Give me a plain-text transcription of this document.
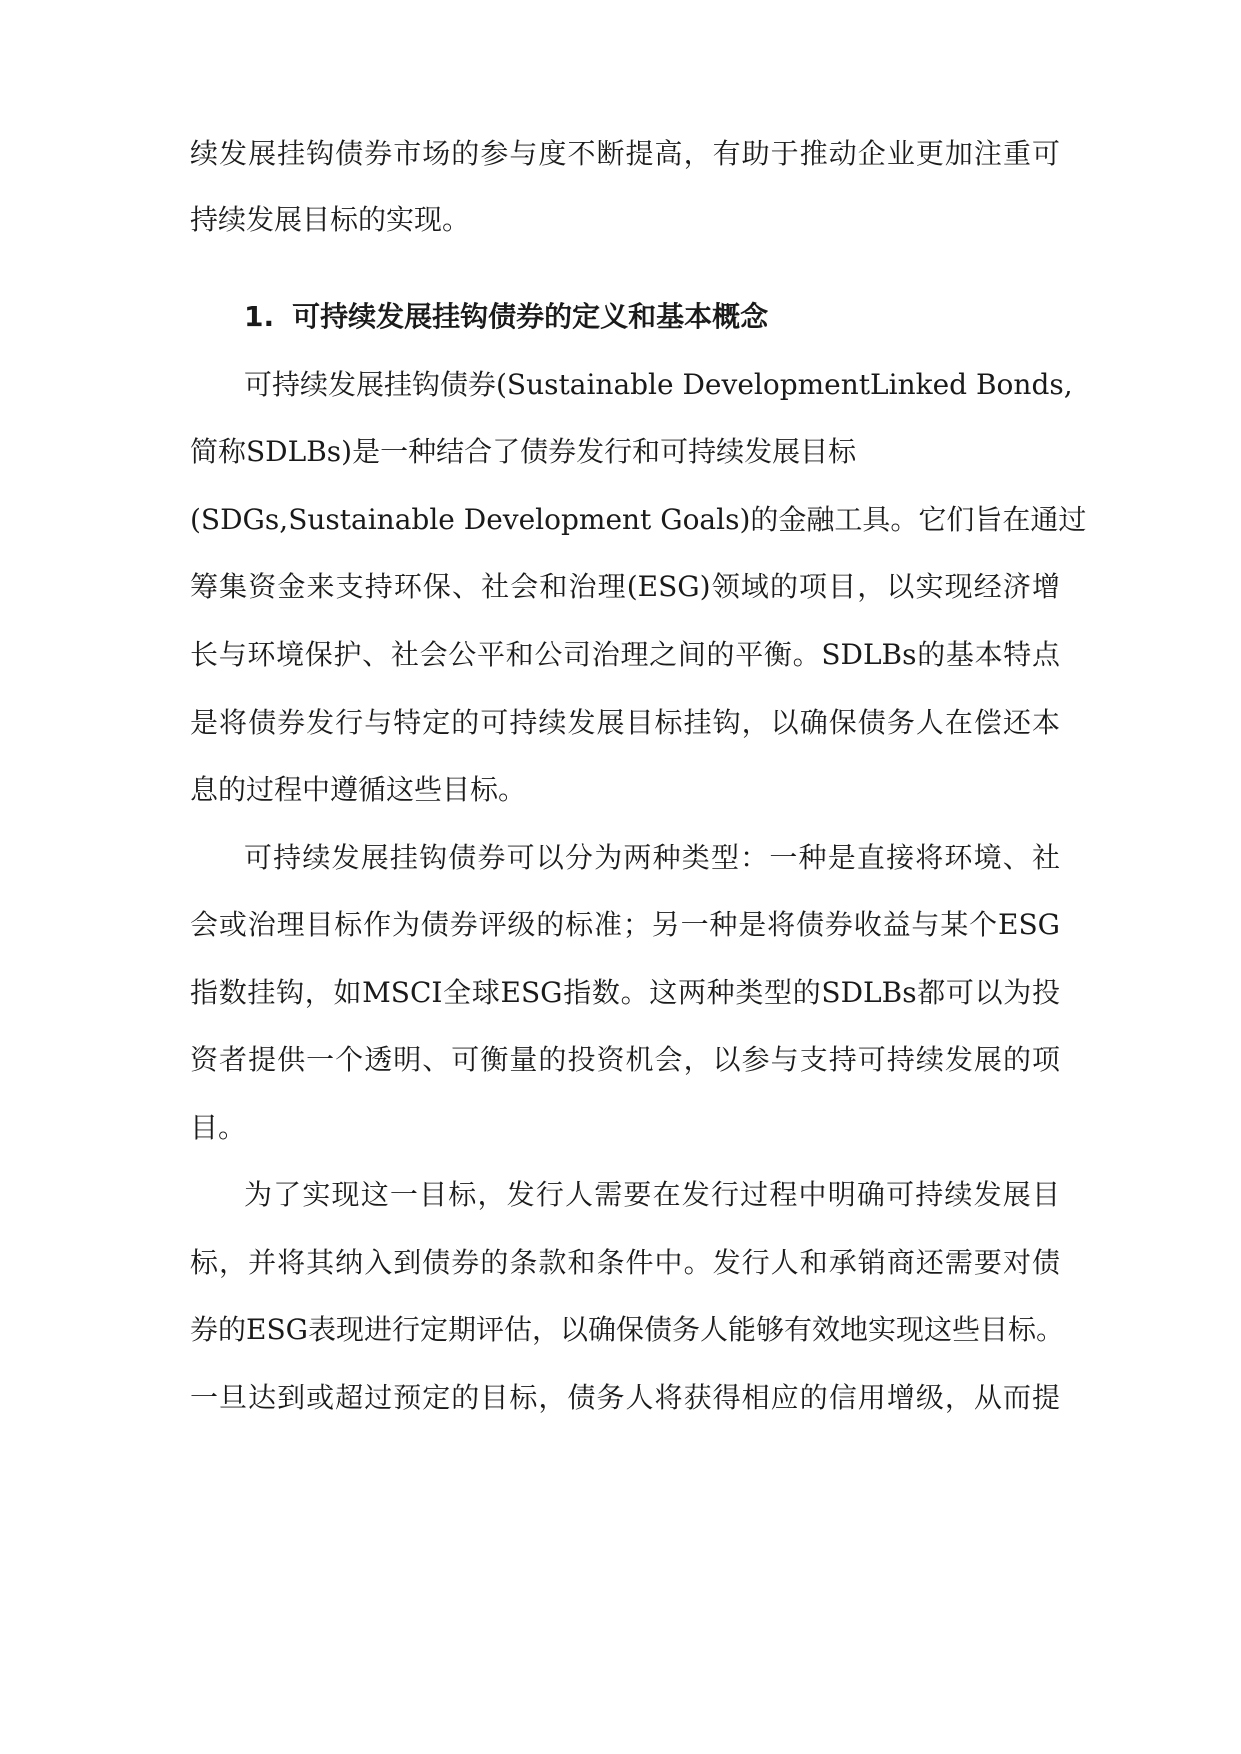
续发展挂钩债券市场的参与度不断提高，有助于推动企业更加注重可
持续发展目标的实现。
1. 可持续发展挂钩债券的定义和基本概念
可持续发展挂钩债券(Sustainable DevelopmentLinked Bonds,
简称SDLBs)是一种结合了债券发行和可持续发展目标
(SDGs,Sustainable Development Goals)的金融工具。它们旨在通过
筹集资金来支持环保、社会和治理(ESG)领域的项目，以实现经济增
长与环境保护、社会公平和公司治理之间的平衡。SDLBs的基本特点
是将债券发行与特定的可持续发展目标挂钩，以确保债务人在偿还本
息的过程中遵循这些目标。
可持续发展挂钩债券可以分为两种类型：一种是直接将环境、社
会或治理目标作为债券评级的标准；另一种是将债券收益与某个ESG
指数挂钩，如MSCI全球ESG指数。这两种类型的SDLBs都可以为投
资者提供一个透明、可衡量的投资机会，以参与支持可持续发展的项
目。
为了实现这一目标，发行人需要在发行过程中明确可持续发展目
标，并将其纳入到债券的条款和条件中。发行人和承销商还需要对债
券的ESG表现进行定期评估，以确保债务人能够有效地实现这些目标。
一旦达到或超过预定的目标，债务人将获得相应的信用增级，从而提
